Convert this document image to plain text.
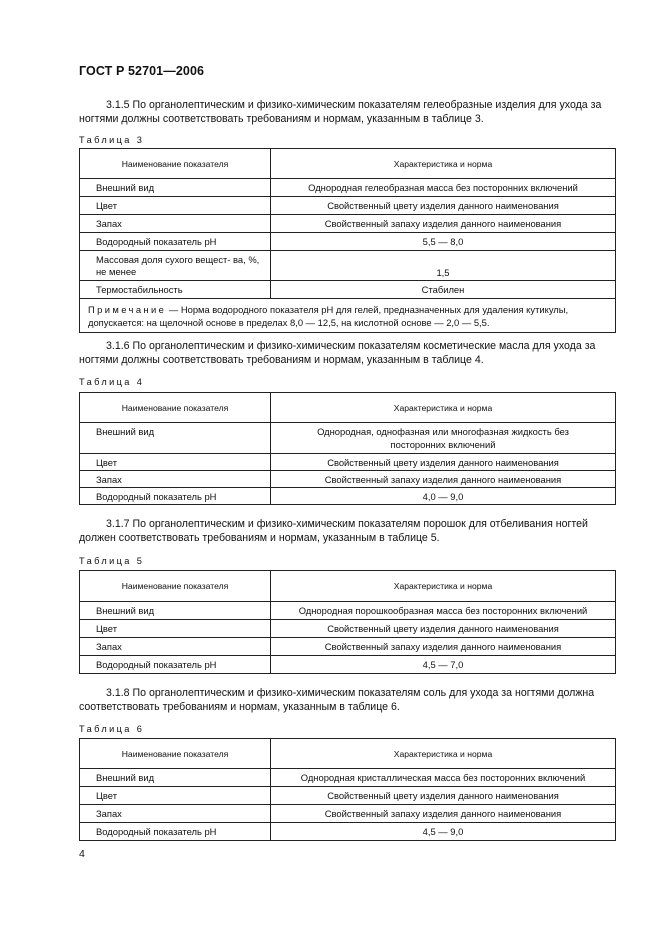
ГОСТ Р 52701—2006
3.1.5 По органолептическим и физико-химическим показателям гелеобразные изделия для ухода за ногтями должны соответствовать требованиям и нормам, указанным в таблице 3.
Таблица 3
Наименование показателя	Характеристика и норма
Внешний вид	Однородная гелеобразная масса без посторонних включений
Цвет	Свойственный цвету изделия данного наименования
Запах	Свойственный запаху изделия данного наименования
Водородный показатель рН	5,5 — 8,0
Массовая доля сухого вещест- ва, %, не менее	1,5
Термостабильность	Стабилен
Примечание — Норма водородного показателя рН для гелей, предназначенных для удаления кутикулы, допускается: на щелочной основе в пределах 8,0 — 12,5, на кислотной основе — 2,0 — 5,5.	
3.1.6 По органолептическим и физико-химическим показателям косметические масла для ухода за ногтями должны соответствовать требованиям и нормам, указанным в таблице 4.
Таблица 4
Наименование показателя	Характеристика и норма
Внешний вид	Однородная, однофазная или многофазная жидкость без посторонних включений
Цвет	Свойственный цвету изделия данного наименования
Запах	Свойственный запаху изделия данного наименования
Водородный показатель рН	4,0 — 9,0
3.1.7 По органолептическим и физико-химическим показателям порошок для отбеливания ногтей должен соответствовать требованиям и нормам, указанным в таблице 5.
Таблица 5
Наименование показателя	Характеристика и норма
Внешний вид	Однородная порошкообразная масса без посторонних включений
Цвет	Свойственный цвету изделия данного наименования
Запах	Свойственный запаху изделия данного наименования
Водородный показатель рН	4,5 — 7,0
3.1.8 По органолептическим и физико-химическим показателям соль для ухода за ногтями должна соответствовать требованиям и нормам, указанным в таблице 6.
Таблица 6
Наименование показателя	Характеристика и норма
Внешний вид	Однородная кристаллическая масса без посторонних включений
Цвет	Свойственный цвету изделия данного наименования
Запах	Свойственный запаху изделия данного наименования
Водородный показатель рН	4,5 — 9,0
4
